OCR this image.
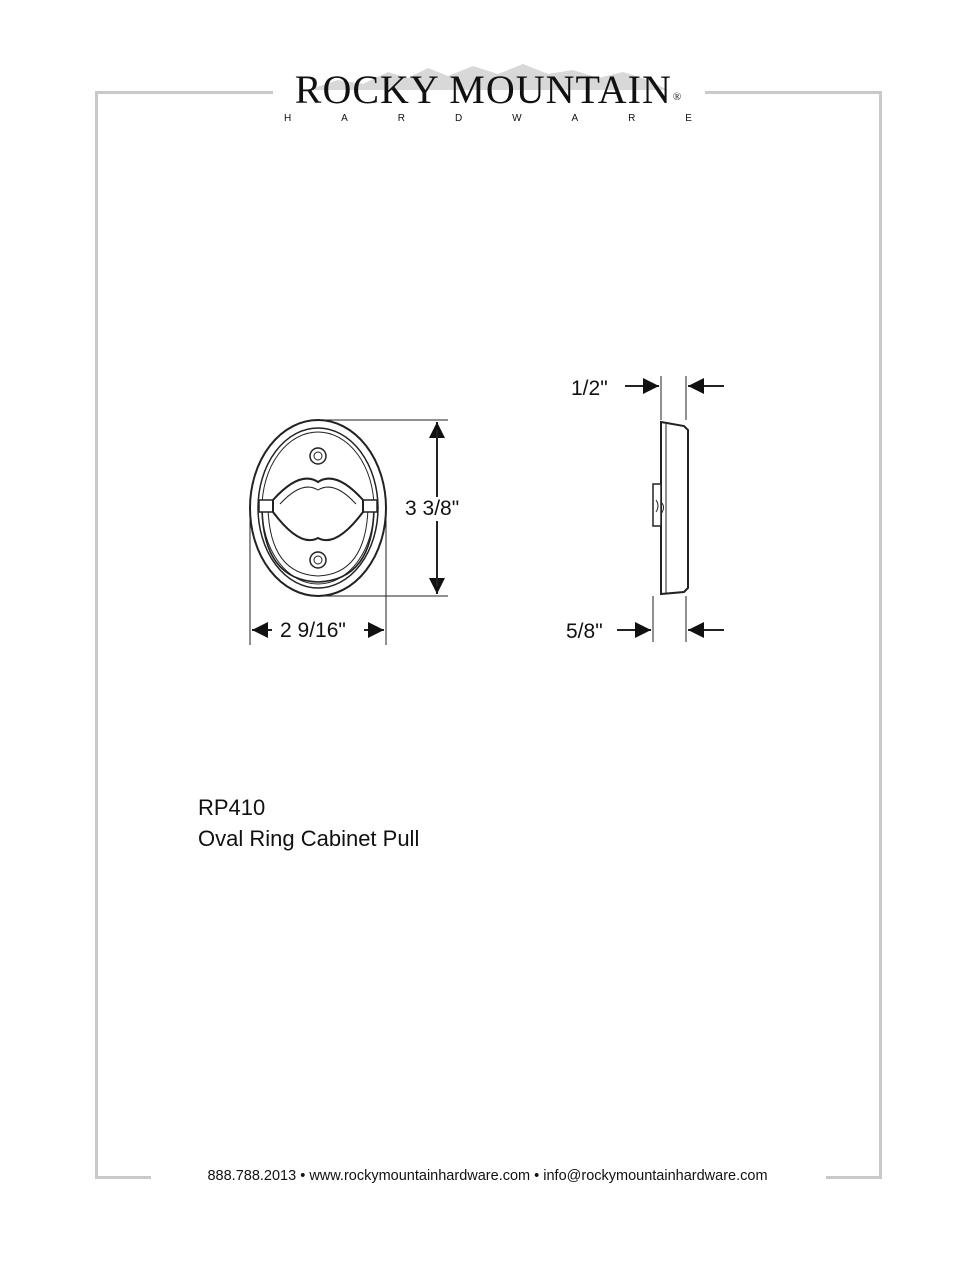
ROCKY MOUNTAIN®
H	A	R	D	W	A	R	E
3 3/8"
2 9/16"
1/2"
5/8"
RP410
Oval Ring Cabinet Pull
888.788.2013 • www.rockymountainhardware.com • info@rockymountainhardware.com
